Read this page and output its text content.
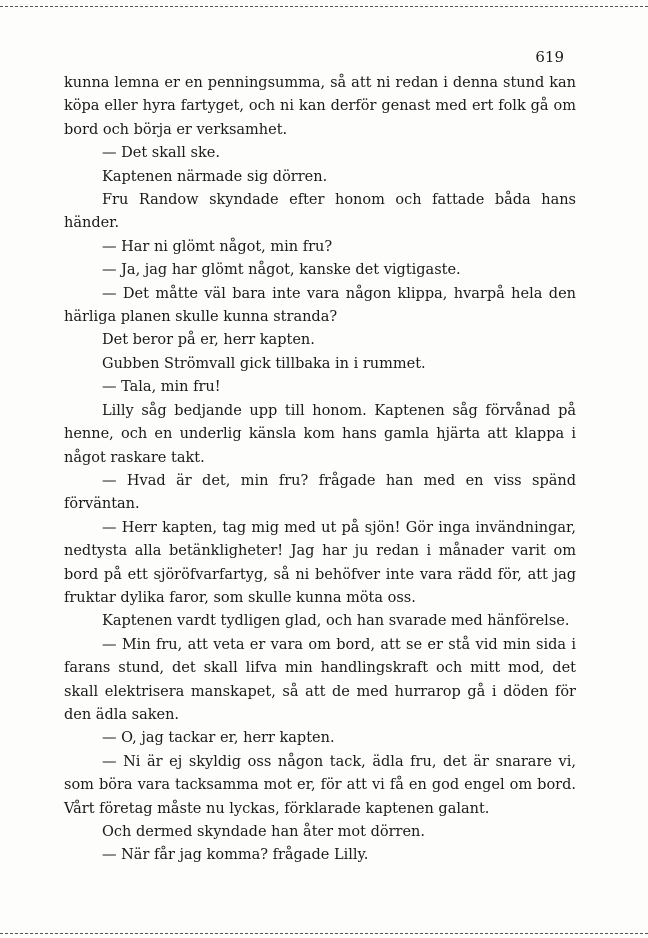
619

kunna lemna er en penningsumma, så att ni redan i denna stund kan köpa eller hyra fartyget, och ni kan derför genast med ert folk gå om bord och börja er verksamhet.

— Det skall ske.

Kaptenen närmade sig dörren.

Fru Randow skyndade efter honom och fattade båda hans händer.

— Har ni glömt något, min fru?

— Ja, jag har glömt något, kanske det vigtigaste.

— Det måtte väl bara inte vara någon klippa, hvarpå hela den härliga planen skulle kunna stranda?

Det beror på er, herr kapten.

Gubben Strömvall gick tillbaka in i rummet.

— Tala, min fru!

Lilly såg bedjande upp till honom. Kaptenen såg förvånad på henne, och en underlig känsla kom hans gamla hjärta att klappa i något raskare takt.

— Hvad är det, min fru? frågade han med en viss spänd förväntan.

— Herr kapten, tag mig med ut på sjön! Gör inga invändningar, nedtysta alla betänkligheter! Jag har ju redan i månader varit om bord på ett sjöröfvarfartyg, så ni behöfver inte vara rädd för, att jag fruktar dylika faror, som skulle kunna möta oss.

Kaptenen vardt tydligen glad, och han svarade med hänförelse.

— Min fru, att veta er vara om bord, att se er stå vid min sida i farans stund, det skall lifva min handlingskraft och mitt mod, det skall elektrisera manskapet, så att de med hurrarop gå i döden för den ädla saken.

— O, jag tackar er, herr kapten.

— Ni är ej skyldig oss någon tack, ädla fru, det är snarare vi, som böra vara tacksamma mot er, för att vi få en god engel om bord. Vårt företag måste nu lyckas, förklarade kaptenen galant.

Och dermed skyndade han åter mot dörren.

— När får jag komma? frågade Lilly.
